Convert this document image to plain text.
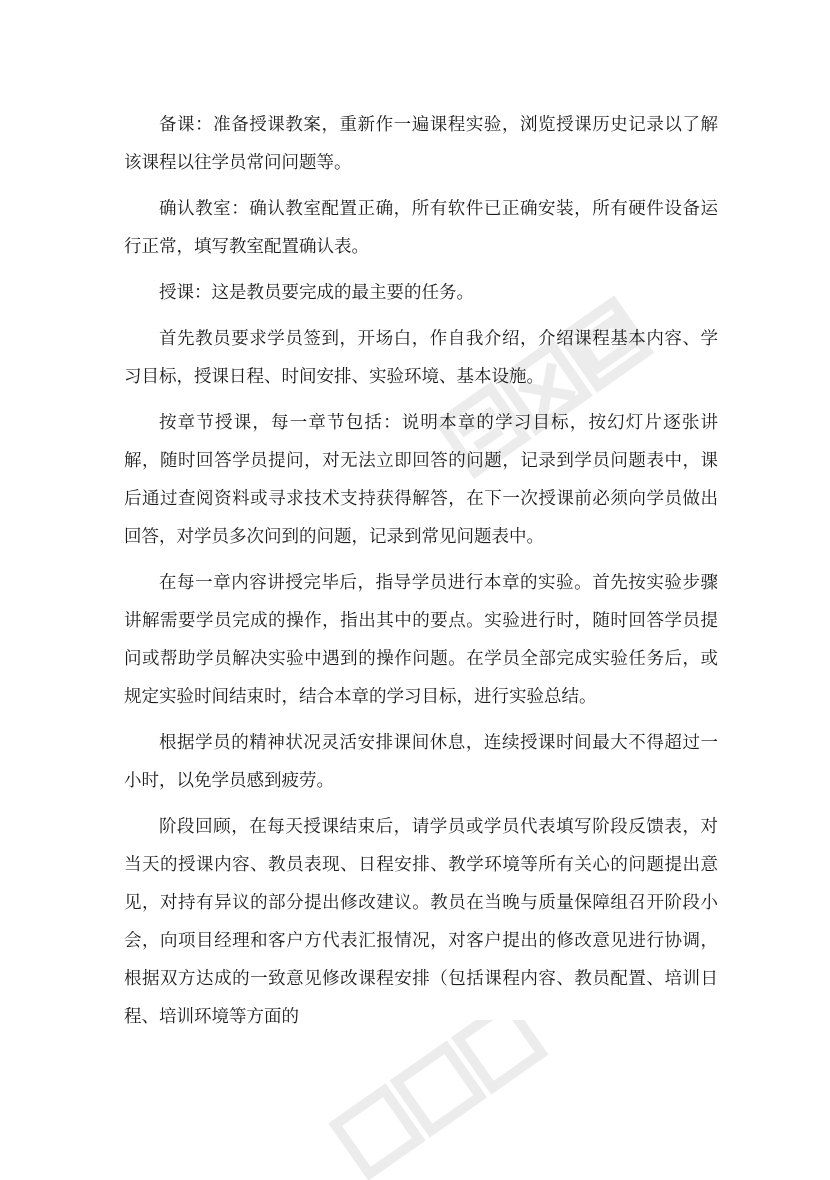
备课：准备授课教案，重新作一遍课程实验，浏览授课历史记录以了解该课程以往学员常问问题等。

确认教室：确认教室配置正确，所有软件已正确安装，所有硬件设备运行正常，填写教室配置确认表。

授课：这是教员要完成的最主要的任务。

首先教员要求学员签到，开场白，作自我介绍，介绍课程基本内容、学习目标，授课日程、时间安排、实验环境、基本设施。

按章节授课，每一章节包括：说明本章的学习目标，按幻灯片逐张讲解，随时回答学员提问，对无法立即回答的问题，记录到学员问题表中，课后通过查阅资料或寻求技术支持获得解答，在下一次授课前必须向学员做出回答，对学员多次问到的问题，记录到常见问题表中。

在每一章内容讲授完毕后，指导学员进行本章的实验。首先按实验步骤讲解需要学员完成的操作，指出其中的要点。实验进行时，随时回答学员提问或帮助学员解决实验中遇到的操作问题。在学员全部完成实验任务后，或规定实验时间结束时，结合本章的学习目标，进行实验总结。

根据学员的精神状况灵活安排课间休息，连续授课时间最大不得超过一小时，以免学员感到疲劳。

阶段回顾，在每天授课结束后，请学员或学员代表填写阶段反馈表，对当天的授课内容、教员表现、日程安排、教学环境等所有关心的问题提出意见，对持有异议的部分提出修改建议。教员在当晚与质量保障组召开阶段小会，向项目经理和客户方代表汇报情况，对客户提出的修改意见进行协调，根据双方达成的一致意见修改课程安排（包括课程内容、教员配置、培训日程、培训环境等方面的
